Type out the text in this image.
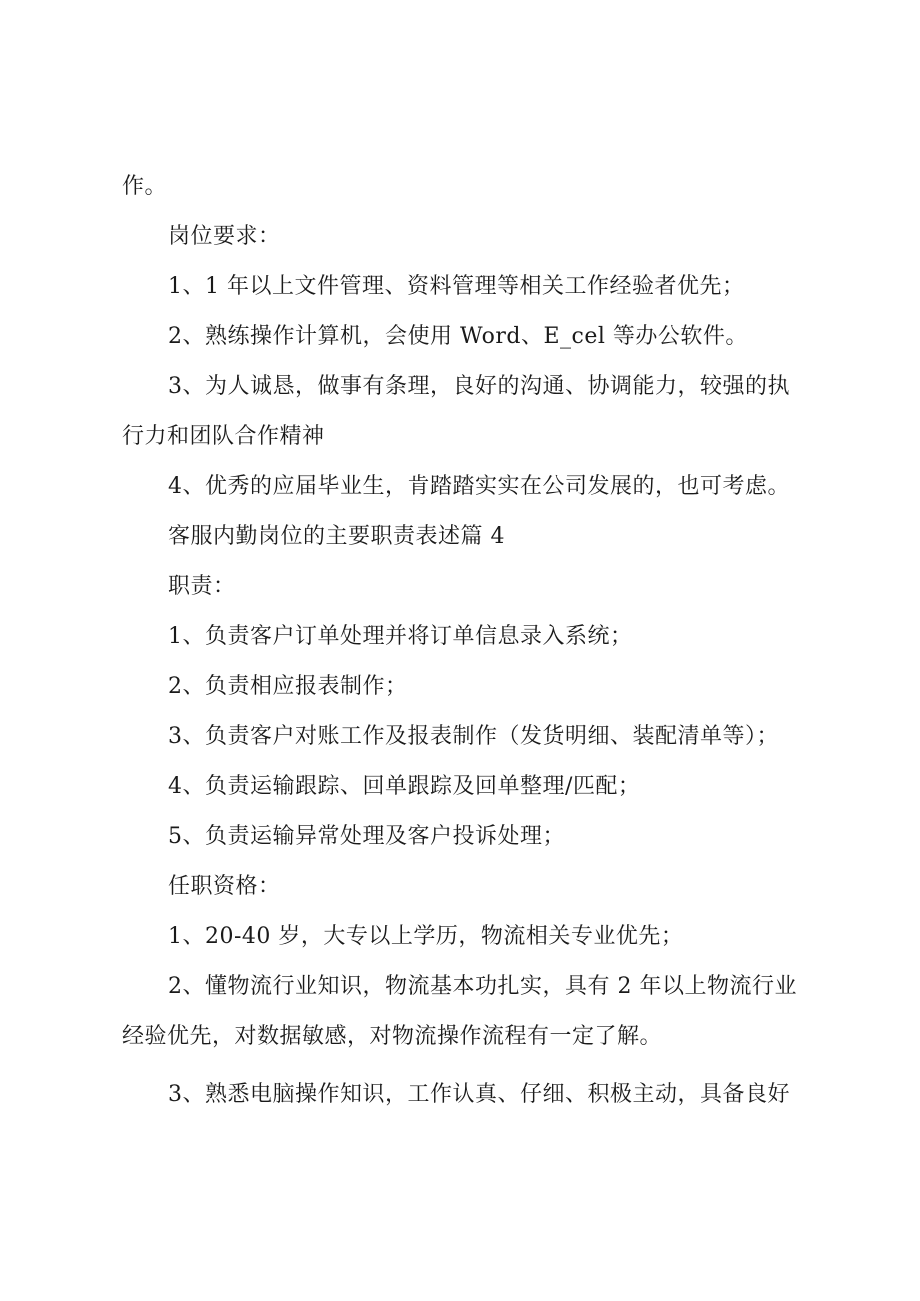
作。
岗位要求：
1、1 年以上文件管理、资料管理等相关工作经验者优先；
2、熟练操作计算机，会使用 Word、E_cel 等办公软件。
3、为人诚恳，做事有条理，良好的沟通、协调能力，较强的执
行力和团队合作精神
4、优秀的应届毕业生，肯踏踏实实在公司发展的，也可考虑。
客服内勤岗位的主要职责表述篇 4
职责：
1、负责客户订单处理并将订单信息录入系统；
2、负责相应报表制作；
3、负责客户对账工作及报表制作（发货明细、装配清单等）；
4、负责运输跟踪、回单跟踪及回单整理/匹配；
5、负责运输异常处理及客户投诉处理；
任职资格：
1、20-40 岁，大专以上学历，物流相关专业优先；
2、懂物流行业知识，物流基本功扎实，具有 2 年以上物流行业
经验优先，对数据敏感，对物流操作流程有一定了解。
3、熟悉电脑操作知识，工作认真、仔细、积极主动，具备良好
